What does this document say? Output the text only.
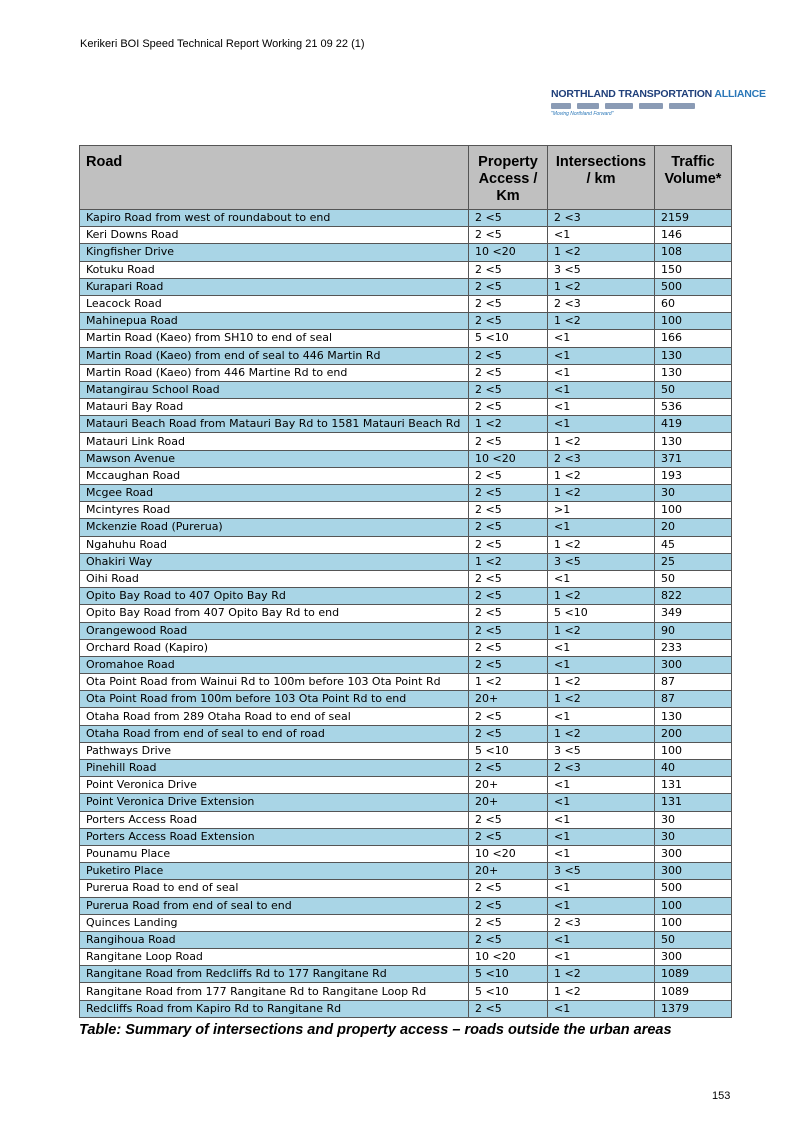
Kerikeri BOI Speed Technical Report Working 21 09 22 (1)
NORTHLAND TRANSPORTATION ALLIANCE
"Moving Northland Forward"
Road	Property Access / Km	Intersections / km	Traffic Volume*
Kapiro Road from west of roundabout to end	2 <5	2 <3	2159
Keri Downs Road	2 <5	<1	146
Kingfisher Drive	10 <20	1 <2	108
Kotuku Road	2 <5	3 <5	150
Kurapari Road	2 <5	1 <2	500
Leacock Road	2 <5	2 <3	60
Mahinepua Road	2 <5	1 <2	100
Martin Road (Kaeo) from SH10 to end of seal	5 <10	<1	166
Martin Road (Kaeo) from end of seal to 446 Martin Rd	2 <5	<1	130
Martin Road (Kaeo) from 446 Martine Rd to end	2 <5	<1	130
Matangirau School Road	2 <5	<1	50
Matauri Bay Road	2 <5	<1	536
Matauri Beach Road from Matauri Bay Rd to 1581 Matauri Beach Rd	1 <2	<1	419
Matauri Link Road	2 <5	1 <2	130
Mawson Avenue	10 <20	2 <3	371
Mccaughan Road	2 <5	1 <2	193
Mcgee Road	2 <5	1 <2	30
Mcintyres Road	2 <5	>1	100
Mckenzie Road (Purerua)	2 <5	<1	20
Ngahuhu Road	2 <5	1 <2	45
Ohakiri Way	1 <2	3 <5	25
Oihi Road	2 <5	<1	50
Opito Bay Road to 407 Opito Bay Rd	2 <5	1 <2	822
Opito Bay Road from 407 Opito Bay Rd to end	2 <5	5 <10	349
Orangewood Road	2 <5	1 <2	90
Orchard Road (Kapiro)	2 <5	<1	233
Oromahoe Road	2 <5	<1	300
Ota Point Road from Wainui Rd to 100m before 103 Ota Point Rd	1 <2	1 <2	87
Ota Point Road from 100m before 103 Ota Point Rd to end	20+	1 <2	87
Otaha Road from 289 Otaha Road to end of seal	2 <5	<1	130
Otaha Road from end of seal to end of road	2 <5	1 <2	200
Pathways Drive	5 <10	3 <5	100
Pinehill Road	2 <5	2 <3	40
Point Veronica Drive	20+	<1	131
Point Veronica Drive Extension	20+	<1	131
Porters Access Road	2 <5	<1	30
Porters Access Road Extension	2 <5	<1	30
Pounamu Place	10 <20	<1	300
Puketiro Place	20+	3 <5	300
Purerua Road to end of seal	2 <5	<1	500
Purerua Road from end of seal to end	2 <5	<1	100
Quinces Landing	2 <5	2 <3	100
Rangihoua Road	2 <5	<1	50
Rangitane Loop Road	10 <20	<1	300
Rangitane Road from Redcliffs Rd to 177 Rangitane Rd	5 <10	1 <2	1089
Rangitane Road from 177 Rangitane Rd to Rangitane Loop Rd	5 <10	1 <2	1089
Redcliffs Road from Kapiro Rd to Rangitane Rd	2 <5	<1	1379
Table: Summary of intersections and property access – roads outside the urban areas
153
